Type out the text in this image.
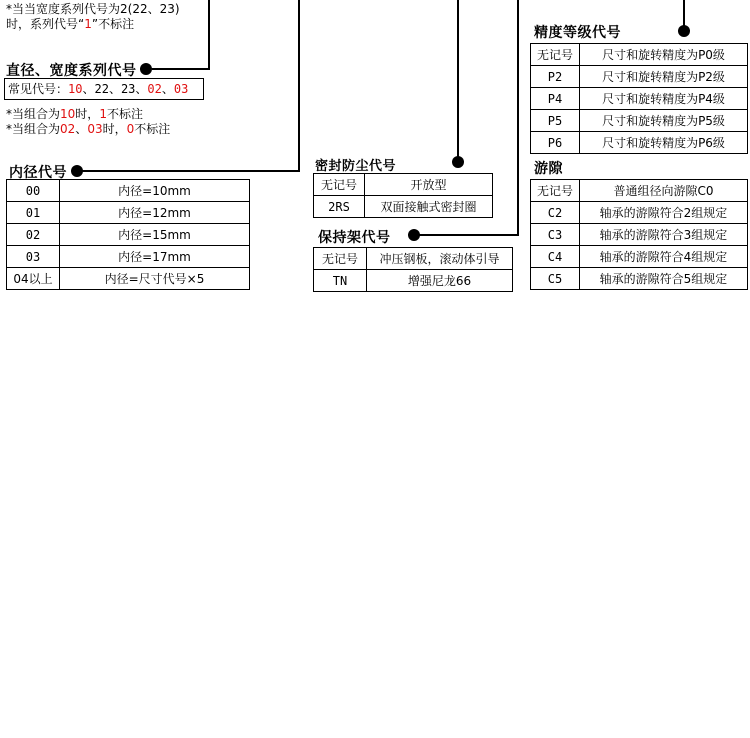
*当当宽度系列代号为2(22、23)
时，系列代号“1”不标注
直径、宽度系列代号
常见代号：10、22、23、02、03
*当组合为10时，1不标注
*当组合为02、03时，0不标注
内径代号
00	内径=10mm
01	内径=12mm
02	内径=15mm
03	内径=17mm
04以上	内径=尺寸代号×5
密封防尘代号
无记号	开放型
2RS	双面接触式密封圈
保持架代号
无记号	冲压钢板，滚动体引导
TN	增强尼龙66
精度等级代号
无记号	尺寸和旋转精度为P0级
P2	尺寸和旋转精度为P2级
P4	尺寸和旋转精度为P4级
P5	尺寸和旋转精度为P5级
P6	尺寸和旋转精度为P6级
游隙
无记号	普通组径向游隙C0
C2	轴承的游隙符合2组规定
C3	轴承的游隙符合3组规定
C4	轴承的游隙符合4组规定
C5	轴承的游隙符合5组规定
